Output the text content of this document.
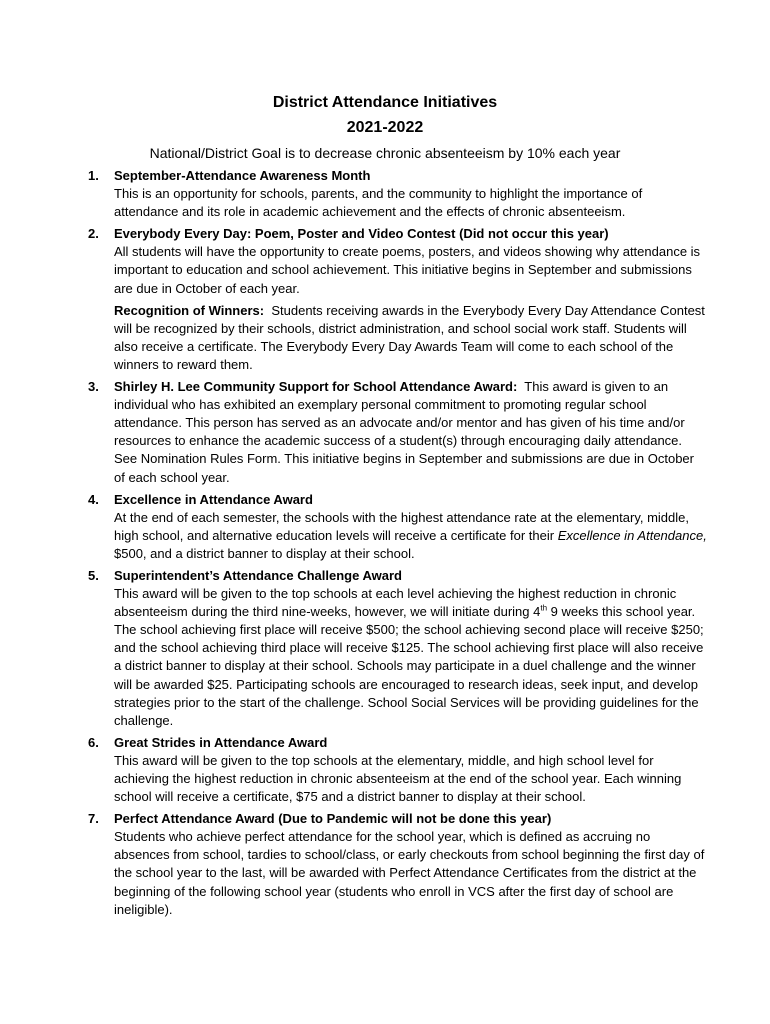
District Attendance Initiatives
2021-2022
National/District Goal is to decrease chronic absenteeism by 10% each year
1. September-Attendance Awareness Month
This is an opportunity for schools, parents, and the community to highlight the importance of attendance and its role in academic achievement and the effects of chronic absenteeism.
2. Everybody Every Day: Poem, Poster and Video Contest (Did not occur this year)
All students will have the opportunity to create poems, posters, and videos showing why attendance is important to education and school achievement. This initiative begins in September and submissions are due in October of each year.
Recognition of Winners: Students receiving awards in the Everybody Every Day Attendance Contest will be recognized by their schools, district administration, and school social work staff. Students will also receive a certificate. The Everybody Every Day Awards Team will come to each school of the winners to reward them.
3. Shirley H. Lee Community Support for School Attendance Award: This award is given to an individual who has exhibited an exemplary personal commitment to promoting regular school attendance. This person has served as an advocate and/or mentor and has given of his time and/or resources to enhance the academic success of a student(s) through encouraging daily attendance. See Nomination Rules Form. This initiative begins in September and submissions are due in October of each school year.
4. Excellence in Attendance Award
At the end of each semester, the schools with the highest attendance rate at the elementary, middle, high school, and alternative education levels will receive a certificate for their Excellence in Attendance, $500, and a district banner to display at their school.
5. Superintendent’s Attendance Challenge Award
This award will be given to the top schools at each level achieving the highest reduction in chronic absenteeism during the third nine-weeks, however, we will initiate during 4th 9 weeks this school year. The school achieving first place will receive $500; the school achieving second place will receive $250; and the school achieving third place will receive $125. The school achieving first place will also receive a district banner to display at their school. Schools may participate in a duel challenge and the winner will be awarded $25. Participating schools are encouraged to research ideas, seek input, and develop strategies prior to the start of the challenge. School Social Services will be providing guidelines for the challenge.
6. Great Strides in Attendance Award
This award will be given to the top schools at the elementary, middle, and high school level for achieving the highest reduction in chronic absenteeism at the end of the school year. Each winning school will receive a certificate, $75 and a district banner to display at their school.
7. Perfect Attendance Award (Due to Pandemic will not be done this year)
Students who achieve perfect attendance for the school year, which is defined as accruing no absences from school, tardies to school/class, or early checkouts from school beginning the first day of the school year to the last, will be awarded with Perfect Attendance Certificates from the district at the beginning of the following school year (students who enroll in VCS after the first day of school are ineligible).
